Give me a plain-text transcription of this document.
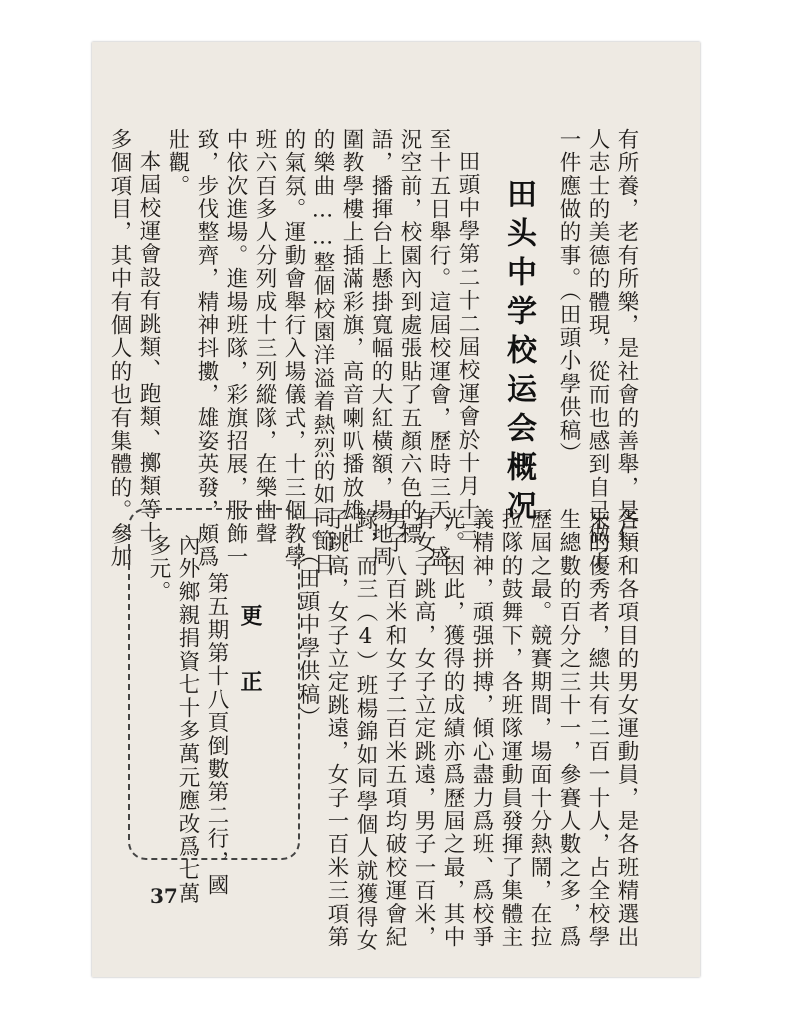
有所養，老有所樂，是社會的善舉，是仁
人志士的美德的體現，從而也感到自己做了
一件應做的事。（田頭小學供稿）
田头中学校运会概况
田頭中學第二十二屆校運會於十月十三
至十五日舉行。這屆校運會，歷時三天，盛
況空前，校園內到處張貼了五顏六色的標
語，播揮台上懸掛寬幅的大紅橫額，場地周
圍教學樓上插滿彩旗，高音喇叭播放雄壯
的樂曲……整個校園洋溢着熱烈的如同節日
的氣氛。運動會舉行入場儀式，十三個教學
班六百多人分列成十三列縱隊，在樂曲聲
中依次進場。進場班隊，彩旗招展，服飾一
致，步伐整齊，精神抖擻，雄姿英發，頗爲
壯觀。
本屆校運會設有跳類、跑類、擲類等十
多個項目，其中有個人的也有集體的。參加
各類和各項目的男女運動員，是各班精選出
來的優秀者，總共有二百一十人，占全校學
生總數的百分之三十一，參賽人數之多，爲
歷屆之最。競賽期間，場面十分熱鬧，在拉
拉隊的鼓舞下，各班隊運動員發揮了集體主
義精神，頑强拼搏，傾心盡力爲班、爲校爭
光。因此，獲得的成績亦爲歷屆之最，其中
有女子跳高，女子立定跳遠，男子一百米，
男子八百米和女子二百米五項均破校運會紀
錄，而三（4）班楊錦如同學個人就獲得女
子跳高，女子立定跳遠，女子一百米三項第
一。（田頭中學供稿）
更正
第五期第十八頁倒數第二行，國
內外鄉親捐資七十多萬元應改爲七萬
多元。
37
